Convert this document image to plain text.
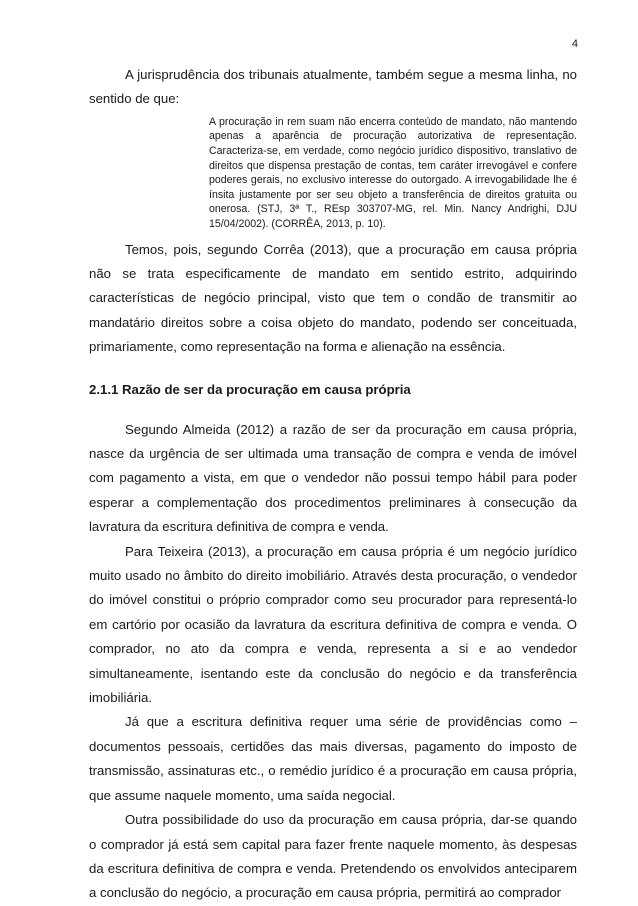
4

A jurisprudência dos tribunais atualmente, também segue a mesma linha, no sentido de que:

A procuração in rem suam não encerra conteúdo de mandato, não mantendo apenas a aparência de procuração autorizativa de representação. Caracteriza-se, em verdade, como negócio jurídico dispositivo, translativo de direitos que dispensa prestação de contas, tem caráter irrevogável e confere poderes gerais, no exclusivo interesse do outorgado. A irrevogabilidade lhe é ínsita justamente por ser seu objeto a transferência de direitos gratuita ou onerosa. (STJ, 3ª T., REsp 303707-MG, rel. Min. Nancy Andrighi, DJU 15/04/2002). (CORRÊA, 2013, p. 10).

Temos, pois, segundo Corrêa (2013), que a procuração em causa própria não se trata especificamente de mandato em sentido estrito, adquirindo características de negócio principal, visto que tem o condão de transmitir ao mandatário direitos sobre a coisa objeto do mandato, podendo ser conceituada, primariamente, como representação na forma e alienação na essência.

2.1.1 Razão de ser da procuração em causa própria

Segundo Almeida (2012) a razão de ser da procuração em causa própria, nasce da urgência de ser ultimada uma transação de compra e venda de imóvel com pagamento a vista, em que o vendedor não possui tempo hábil para poder esperar a complementação dos procedimentos preliminares à consecução da lavratura da escritura definitiva de compra e venda.

Para Teixeira (2013), a procuração em causa própria é um negócio jurídico muito usado no âmbito do direito imobiliário. Através desta procuração, o vendedor do imóvel constitui o próprio comprador como seu procurador para representá-lo em cartório por ocasião da lavratura da escritura definitiva de compra e venda. O comprador, no ato da compra e venda, representa a si e ao vendedor simultaneamente, isentando este da conclusão do negócio e da transferência imobiliária.

Já que a escritura definitiva requer uma série de providências como – documentos pessoais, certidões das mais diversas, pagamento do imposto de transmissão, assinaturas etc., o remédio jurídico é a procuração em causa própria, que assume naquele momento, uma saída negocial.

Outra possibilidade do uso da procuração em causa própria, dar-se quando o comprador já está sem capital para fazer frente naquele momento, às despesas da escritura definitiva de compra e venda. Pretendendo os envolvidos anteciparem a conclusão do negócio, a procuração em causa própria, permitirá ao comprador
